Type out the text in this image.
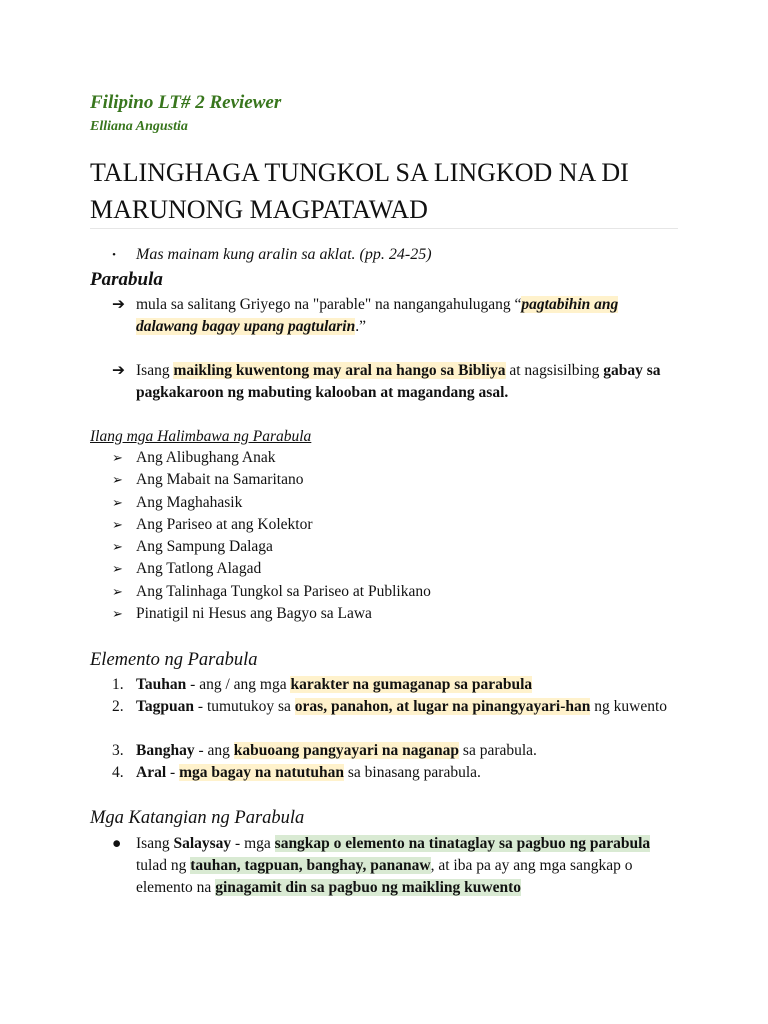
Filipino LT# 2 Reviewer
Elliana Angustia
TALINGHAGA TUNGKOL SA LINGKOD NA DI MARUNONG MAGPATAWAD
• Mas mainam kung aralin sa aklat. (pp. 24-25)
Parabula
➔ mula sa salitang Griyego na "parable" na nangangahulugang “pagtabihin ang dalawang bagay upang pagtularin.”
➔ Isang maikling kuwentong may aral na hango sa Bibliya at nagsisilbing gabay sa pagkakaroon ng mabuting kalooban at magandang asal.
Ilang mga Halimbawa ng Parabula
➢ Ang Alibughang Anak
➢ Ang Mabait na Samaritano
➢ Ang Maghahasik
➢ Ang Pariseo at ang Kolektor
➢ Ang Sampung Dalaga
➢ Ang Tatlong Alagad
➢ Ang Talinhaga Tungkol sa Pariseo at Publikano
➢ Pinatigil ni Hesus ang Bagyo sa Lawa
Elemento ng Parabula
1. Tauhan - ang / ang mga karakter na gumaganap sa parabula
2. Tagpuan - tumutukoy sa oras, panahon, at lugar na pinangyayari-han ng kuwento
3. Banghay - ang kabuoang pangyayari na naganap sa parabula.
4. Aral - mga bagay na natutuhan sa binasang parabula.
Mga Katangian ng Parabula
● Isang Salaysay - mga sangkap o elemento na tinataglay sa pagbuo ng parabula tulad ng tauhan, tagpuan, banghay, pananaw, at iba pa ay ang mga sangkap o elemento na ginagamit din sa pagbuo ng maikling kuwento
